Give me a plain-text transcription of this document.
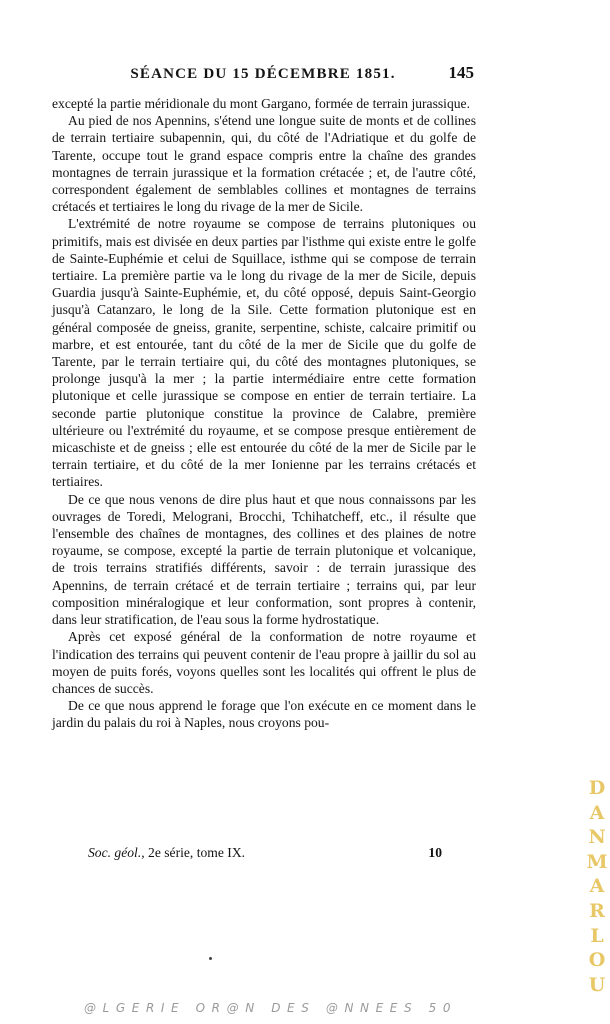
SÉANCE DU 15 DÉCEMBRE 1851.	145

excepté la partie méridionale du mont Gargano, formée de terrain jurassique.

Au pied de nos Apennins, s'étend une longue suite de monts et de collines de terrain tertiaire subapennin, qui, du côté de l'Adriatique et du golfe de Tarente, occupe tout le grand espace compris entre la chaîne des grandes montagnes de terrain jurassique et la formation crétacée ; et, de l'autre côté, correspondent également de semblables collines et montagnes de terrains crétacés et tertiaires le long du rivage de la mer de Sicile.

L'extrémité de notre royaume se compose de terrains plutoniques ou primitifs, mais est divisée en deux parties par l'isthme qui existe entre le golfe de Sainte-Euphémie et celui de Squillace, isthme qui se compose de terrain tertiaire. La première partie va le long du rivage de la mer de Sicile, depuis Guardia jusqu'à Sainte-Euphémie, et, du côté opposé, depuis Saint-Georgio jusqu'à Catanzaro, le long de la Sile. Cette formation plutonique est en général composée de gneiss, granite, serpentine, schiste, calcaire primitif ou marbre, et est entourée, tant du côté de la mer de Sicile que du golfe de Tarente, par le terrain tertiaire qui, du côté des montagnes plutoniques, se prolonge jusqu'à la mer ; la partie intermédiaire entre cette formation plutonique et celle jurassique se compose en entier de terrain tertiaire. La seconde partie plutonique constitue la province de Calabre, première ultérieure ou l'extrémité du royaume, et se compose presque entièrement de micaschiste et de gneiss ; elle est entourée du côté de la mer de Sicile par le terrain tertiaire, et du côté de la mer Ionienne par les terrains crétacés et tertiaires.

De ce que nous venons de dire plus haut et que nous connaissons par les ouvrages de Toredi, Melograni, Brocchi, Tchihatcheff, etc., il résulte que l'ensemble des chaînes de montagnes, des collines et des plaines de notre royaume, se compose, excepté la partie de terrain plutonique et volcanique, de trois terrains stratifiés différents, savoir : de terrain jurassique des Apennins, de terrain crétacé et de terrain tertiaire ; terrains qui, par leur composition minéralogique et leur conformation, sont propres à contenir, dans leur stratification, de l'eau sous la forme hydrostatique.

Après cet exposé général de la conformation de notre royaume et l'indication des terrains qui peuvent contenir de l'eau propre à jaillir du sol au moyen de puits forés, voyons quelles sont les localités qui offrent le plus de chances de succès.

De ce que nous apprend le forage que l'on exécute en ce moment dans le jardin du palais du roi à Naples, nous croyons pou-

Soc. géol., 2e série, tome IX.	10
D
A
N
M
A
R
L
O
U
@LGERIE OR@N DES @NNEES 50
